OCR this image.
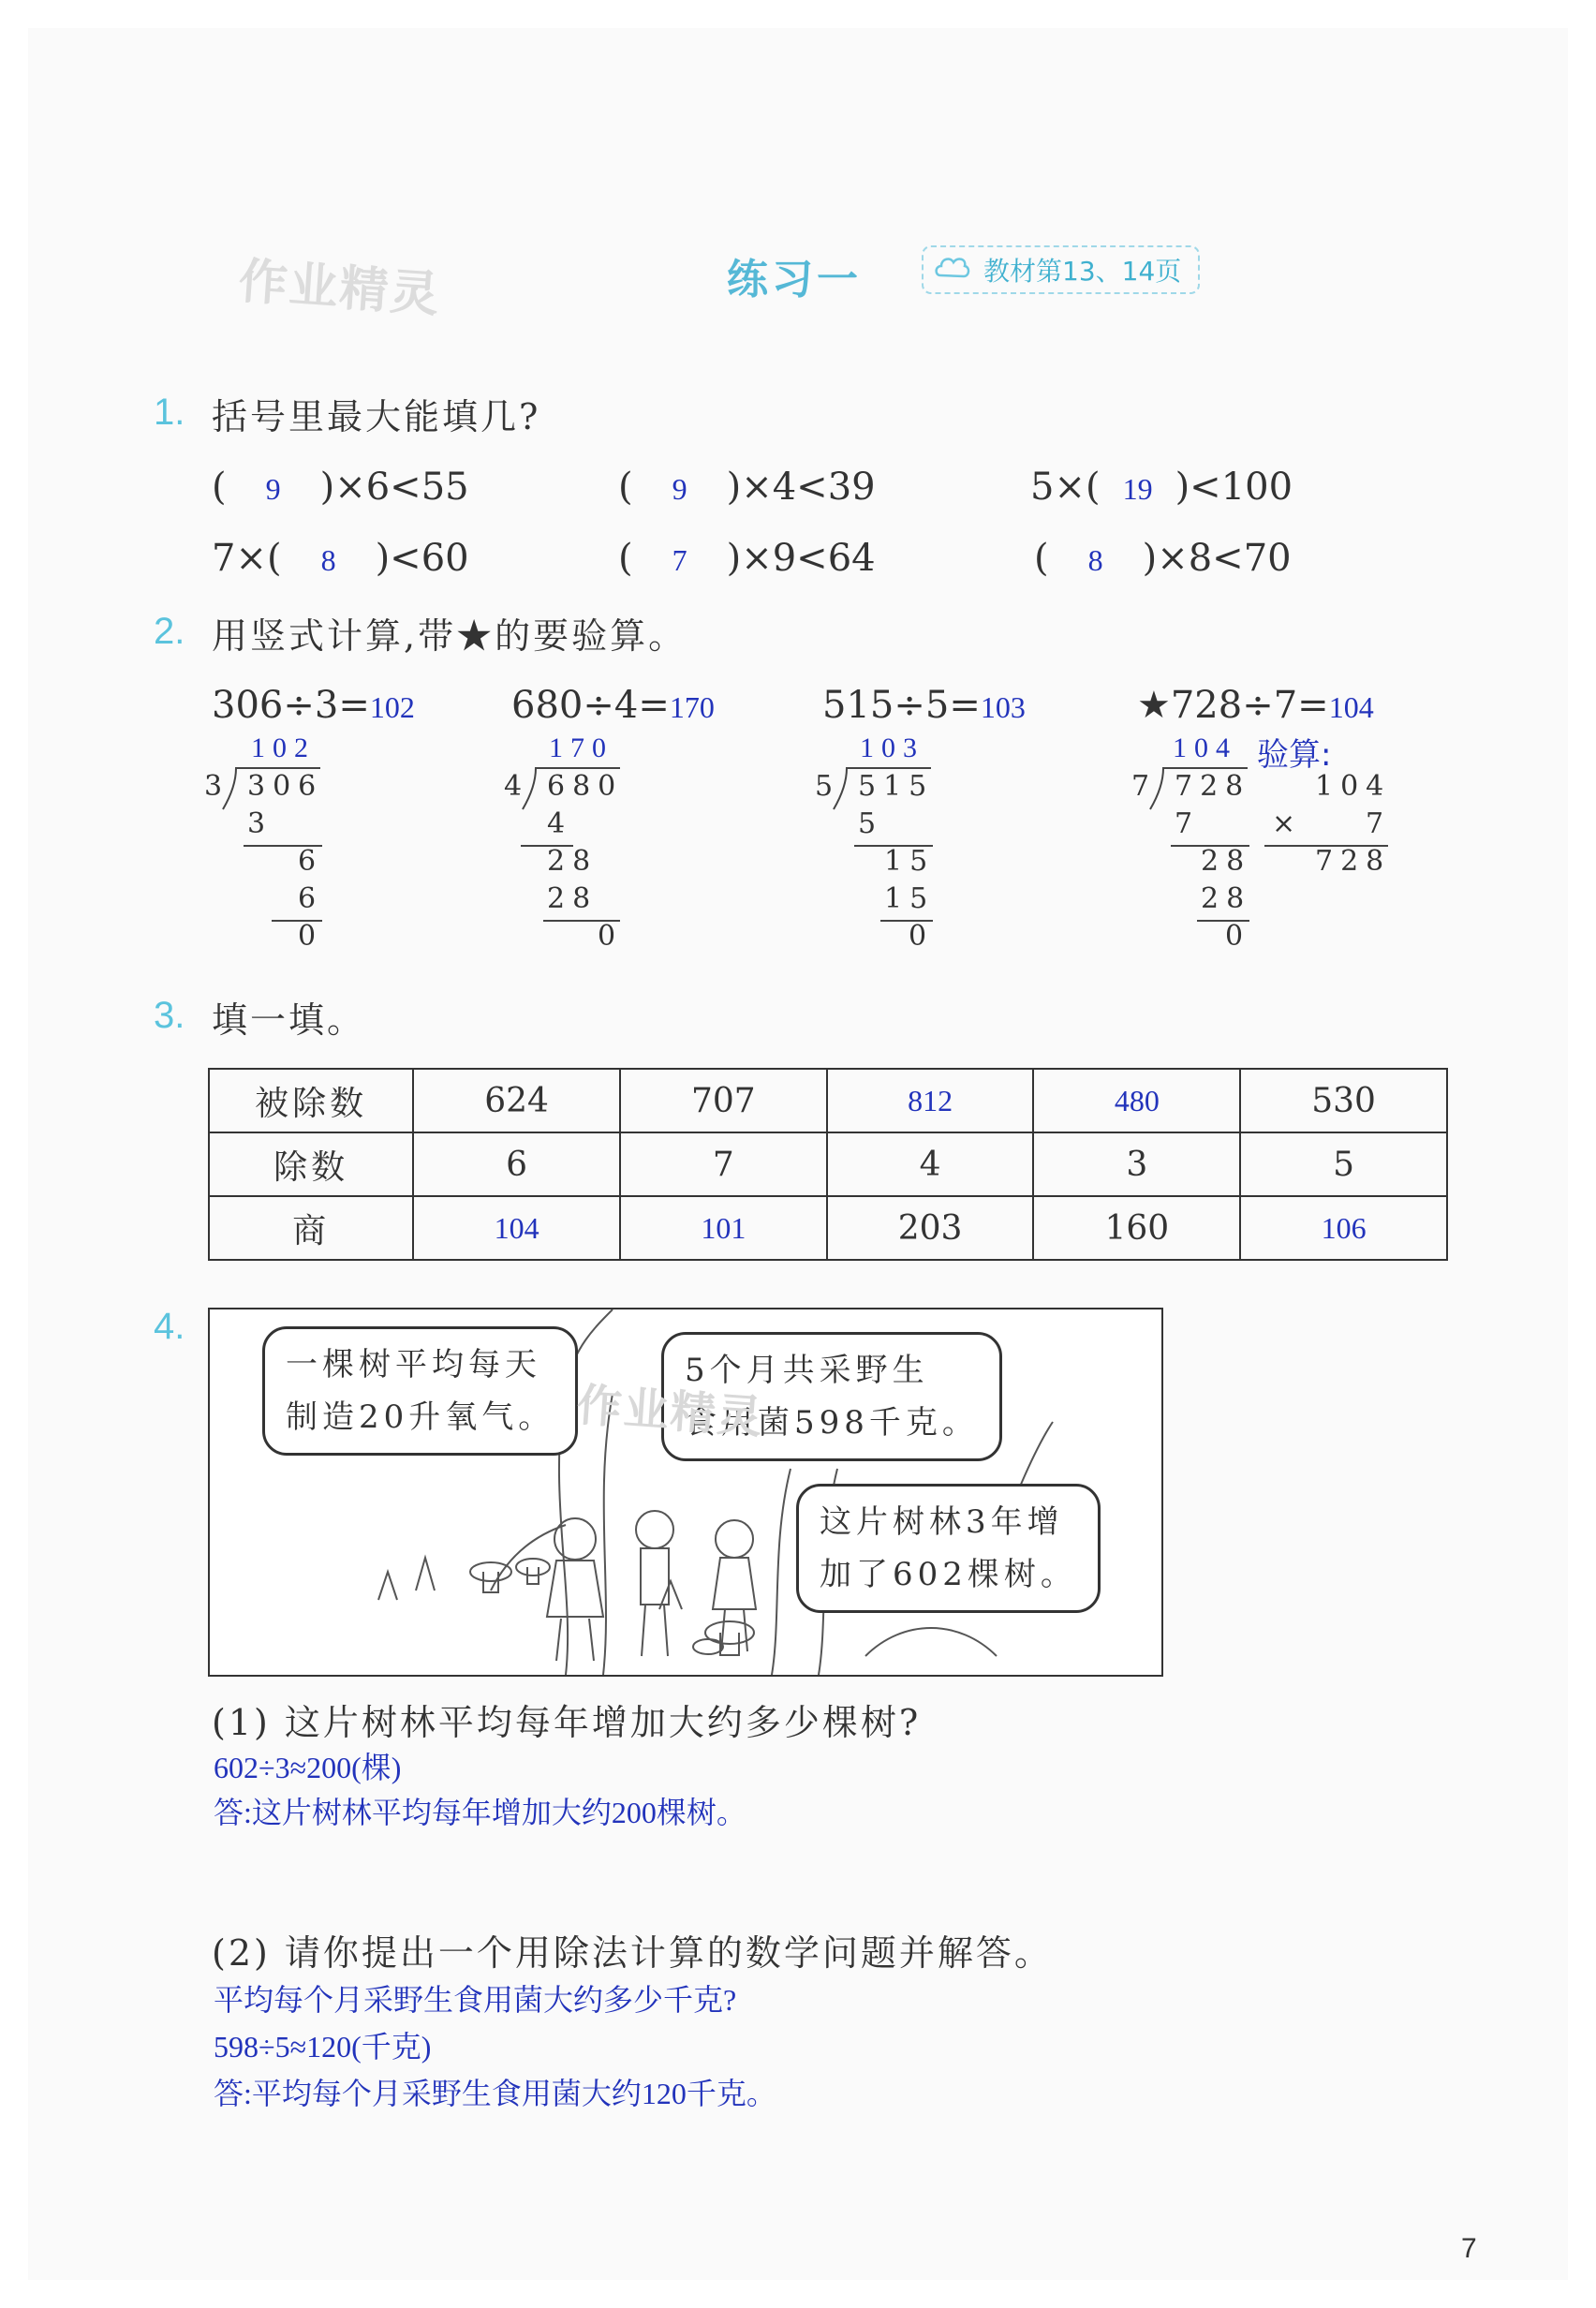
作业精灵	练习一	教材第13、14页
1. 括号里最大能填几?
( 9 )×6<55	( 9 )×4<39	5×( 19 )<100
7×( 8 )<60	( 7 )×9<64	( 8 )×8<70
2. 用竖式计算,带★的要验算。
306÷3=102
102
3 306
3
6
6
0
680÷4=170
170
4 680
4
28
28
0
515÷5=103
103
5 515
5
15
15
0
★728÷7=104
104
7 728
7
28
28
0
验算:
104
× 7
728
3. 填一填。
被除数	624	707	812	480	530
除数	6	7	4	3	5
商	104	101	203	160	106
4.
一棵树平均每天
制造20升氧气。
5个月共采野生
食用菌598千克。
这片树林3年增
加了602棵树。
作业精灵
(1) 这片树林平均每年增加大约多少棵树?
602÷3≈200(棵)
答:这片树林平均每年增加大约200棵树。
(2) 请你提出一个用除法计算的数学问题并解答。
平均每个月采野生食用菌大约多少千克?
598÷5≈120(千克)
答:平均每个月采野生食用菌大约120千克。
7
